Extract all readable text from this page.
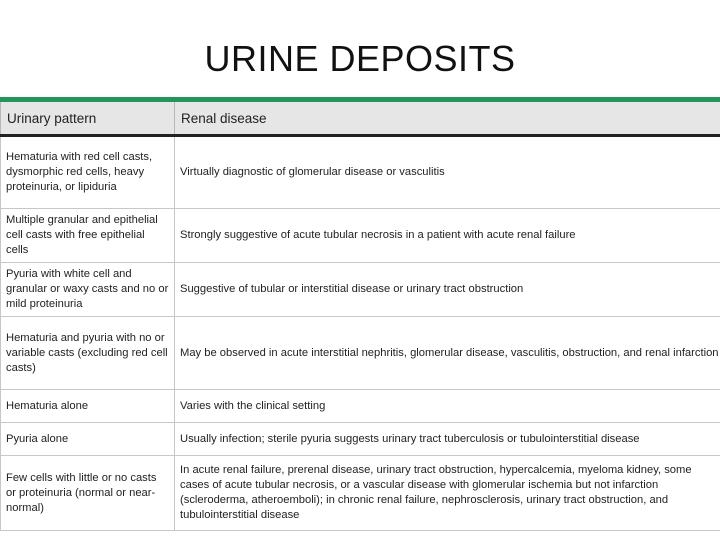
URINE DEPOSITS
Urinary pattern	Renal disease
Hematuria with red cell casts, dysmorphic red cells, heavy proteinuria, or lipiduria	Virtually diagnostic of glomerular disease or vasculitis
Multiple granular and epithelial cell casts with free epithelial cells	Strongly suggestive of acute tubular necrosis in a patient with acute renal failure
Pyuria with white cell and granular or waxy casts and no or mild proteinuria	Suggestive of tubular or interstitial disease or urinary tract obstruction
Hematuria and pyuria with no or variable casts (excluding red cell casts)	May be observed in acute interstitial nephritis, glomerular disease, vasculitis, obstruction, and renal infarction
Hematuria alone	Varies with the clinical setting
Pyuria alone	Usually infection; sterile pyuria suggests urinary tract tuberculosis or tubulointerstitial disease
Few cells with little or no casts or proteinuria (normal or near-normal)	In acute renal failure, prerenal disease, urinary tract obstruction, hypercalcemia, myeloma kidney, some cases of acute tubular necrosis, or a vascular disease with glomerular ischemia but not infarction (scleroderma, atheroemboli); in chronic renal failure, nephrosclerosis, urinary tract obstruction, and tubulointerstitial disease
